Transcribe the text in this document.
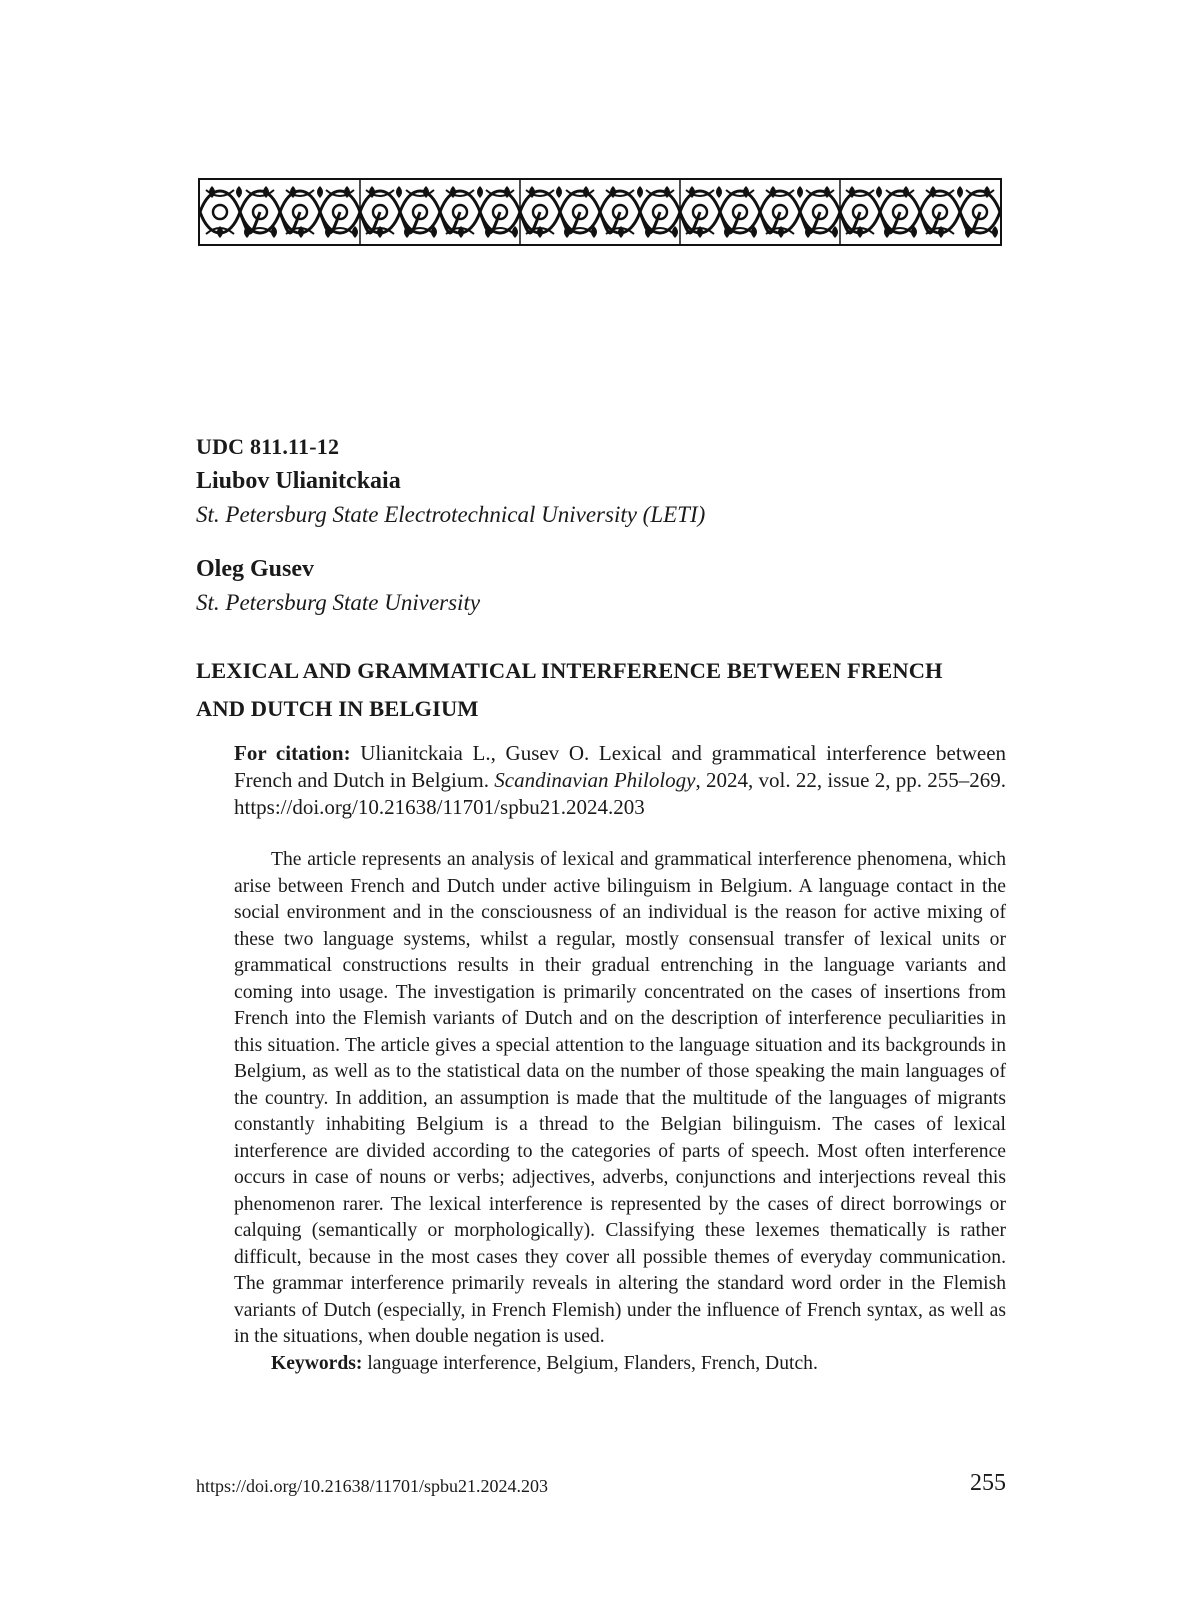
UDC 811.11-12
Liubov Ulianitckaia
St. Petersburg State Electrotechnical University (LETI)
Oleg Gusev
St. Petersburg State University
LEXICAL AND GRAMMATICAL INTERFERENCE BETWEEN FRENCH AND DUTCH IN BELGIUM
For citation: Ulianitckaia L., Gusev O. Lexical and grammatical interference between French and Dutch in Belgium. Scandinavian Philology, 2024, vol. 22, issue 2, pp. 255–269. https://doi.org/10.21638/11701/spbu21.2024.203

The article represents an analysis of lexical and grammatical interference phenomena, which arise between French and Dutch under active bilinguism in Belgium. A language contact in the social environment and in the consciousness of an individual is the reason for active mixing of these two language systems, whilst a regular, mostly consensual transfer of lexical units or grammatical constructions results in their gradual entrenching in the language variants and coming into usage. The investigation is primarily concentrated on the cases of insertions from French into the Flemish variants of Dutch and on the description of interference peculiarities in this situation. The article gives a special attention to the language situation and its backgrounds in Belgium, as well as to the statistical data on the number of those speaking the main languages of the country. In addition, an assumption is made that the multitude of the languages of migrants constantly inhabiting Belgium is a thread to the Belgian bilinguism. The cases of lexical interference are divided according to the categories of parts of speech. Most often interference occurs in case of nouns or verbs; adjectives, adverbs, conjunctions and interjections reveal this phenomenon rarer. The lexical interference is represented by the cases of direct borrowings or calquing (semantically or morphologically). Classifying these lexemes thematically is rather difficult, because in the most cases they cover all possible themes of everyday communication. The grammar interference primarily reveals in altering the standard word order in the Flemish variants of Dutch (especially, in French Flemish) under the influence of French syntax, as well as in the situations, when double negation is used.

Keywords: language interference, Belgium, Flanders, French, Dutch.

https://doi.org/10.21638/11701/spbu21.2024.203	255
